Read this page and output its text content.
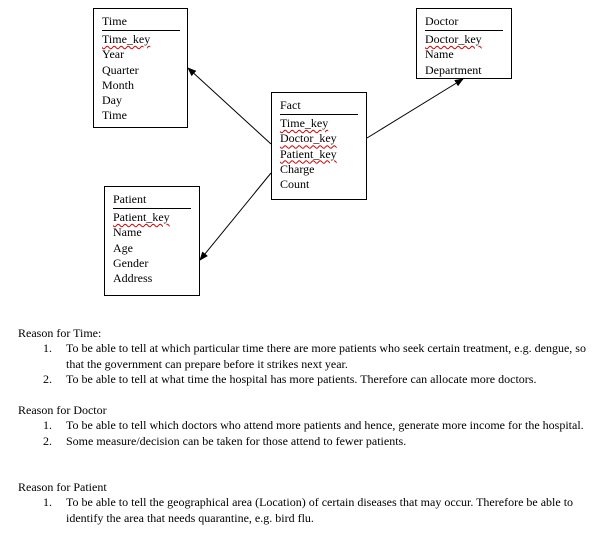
Time
Time_key
Year
Quarter
Month
Day
Time
Doctor
Doctor_key
Name
Department
Fact
Time_key
Doctor_key
Patient_key
Charge
Count
Patient
Patient_key
Name
Age
Gender
Address
Reason for Time:
1. To be able to tell at which particular time there are more patients who seek certain treatment, e.g. dengue, so that the government can prepare before it strikes next year.
2. To be able to tell at what time the hospital has more patients. Therefore can allocate more doctors.
Reason for Doctor
1. To be able to tell which doctors who attend more patients and hence, generate more income for the hospital.
2. Some measure/decision can be taken for those attend to fewer patients.
Reason for Patient
1. To be able to tell the geographical area (Location) of certain diseases that may occur. Therefore be able to identify the area that needs quarantine, e.g. bird flu.
